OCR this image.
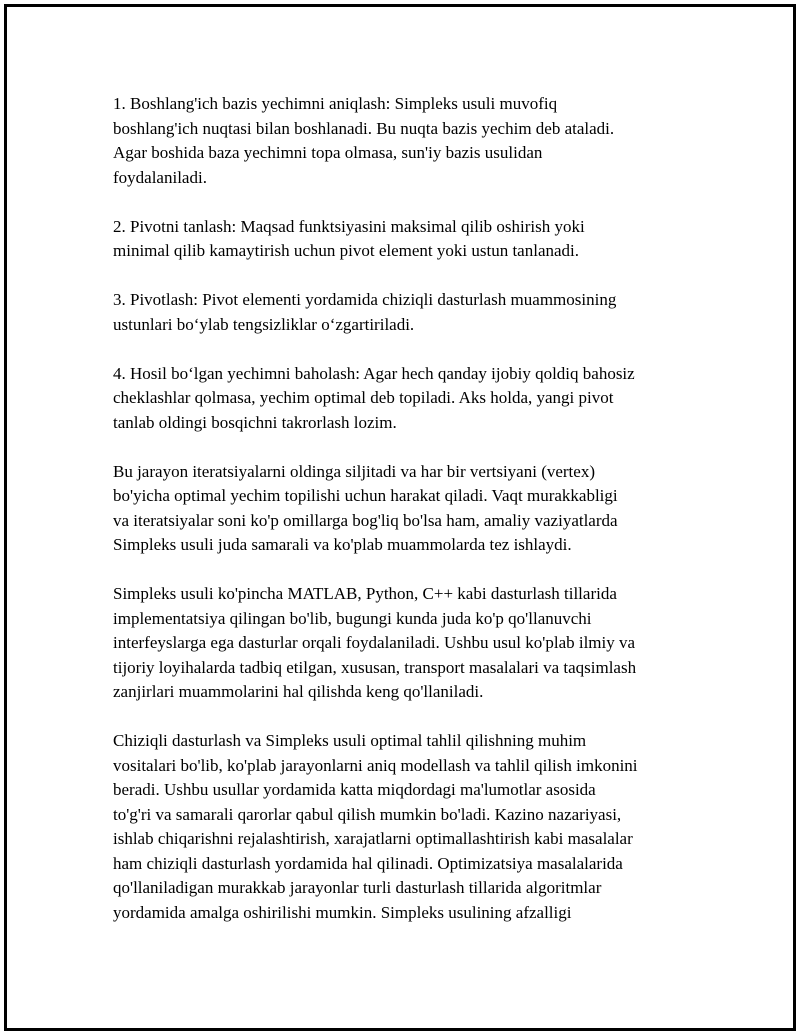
1. Boshlang'ich bazis yechimni aniqlash: Simpleks usuli muvofiq
boshlang'ich nuqtasi bilan boshlanadi. Bu nuqta bazis yechim deb ataladi.
Agar boshida baza yechimni topa olmasa, sun'iy bazis usulidan
foydalaniladi.

2. Pivotni tanlash: Maqsad funktsiyasini maksimal qilib oshirish yoki
minimal qilib kamaytirish uchun pivot element yoki ustun tanlanadi.

3. Pivotlash: Pivot elementi yordamida chiziqli dasturlash muammosining
ustunlari bo‘ylab tengsizliklar o‘zgartiriladi.

4. Hosil bo‘lgan yechimni baholash: Agar hech qanday ijobiy qoldiq bahosiz
cheklashlar qolmasa, yechim optimal deb topiladi. Aks holda, yangi pivot
tanlab oldingi bosqichni takrorlash lozim.

Bu jarayon iteratsiyalarni oldinga siljitadi va har bir vertsiyani (vertex)
bo'yicha optimal yechim topilishi uchun harakat qiladi. Vaqt murakkabligi
va iteratsiyalar soni ko'p omillarga bog'liq bo'lsa ham, amaliy vaziyatlarda
Simpleks usuli juda samarali va ko'plab muammolarda tez ishlaydi.

Simpleks usuli ko'pincha MATLAB, Python, C++ kabi dasturlash tillarida
implementatsiya qilingan bo'lib, bugungi kunda juda ko'p qo'llanuvchi
interfeyslarga ega dasturlar orqali foydalaniladi. Ushbu usul ko'plab ilmiy va
tijoriy loyihalarda tadbiq etilgan, xususan, transport masalalari va taqsimlash
zanjirlari muammolarini hal qilishda keng qo'llaniladi.

Chiziqli dasturlash va Simpleks usuli optimal tahlil qilishning muhim
vositalari bo'lib, ko'plab jarayonlarni aniq modellash va tahlil qilish imkonini
beradi. Ushbu usullar yordamida katta miqdordagi ma'lumotlar asosida
to'g'ri va samarali qarorlar qabul qilish mumkin bo'ladi. Kazino nazariyasi,
ishlab chiqarishni rejalashtirish, xarajatlarni optimallashtirish kabi masalalar
ham chiziqli dasturlash yordamida hal qilinadi. Optimizatsiya masalalarida
qo'llaniladigan murakkab jarayonlar turli dasturlash tillarida algoritmlar
yordamida amalga oshirilishi mumkin. Simpleks usulining afzalligi
